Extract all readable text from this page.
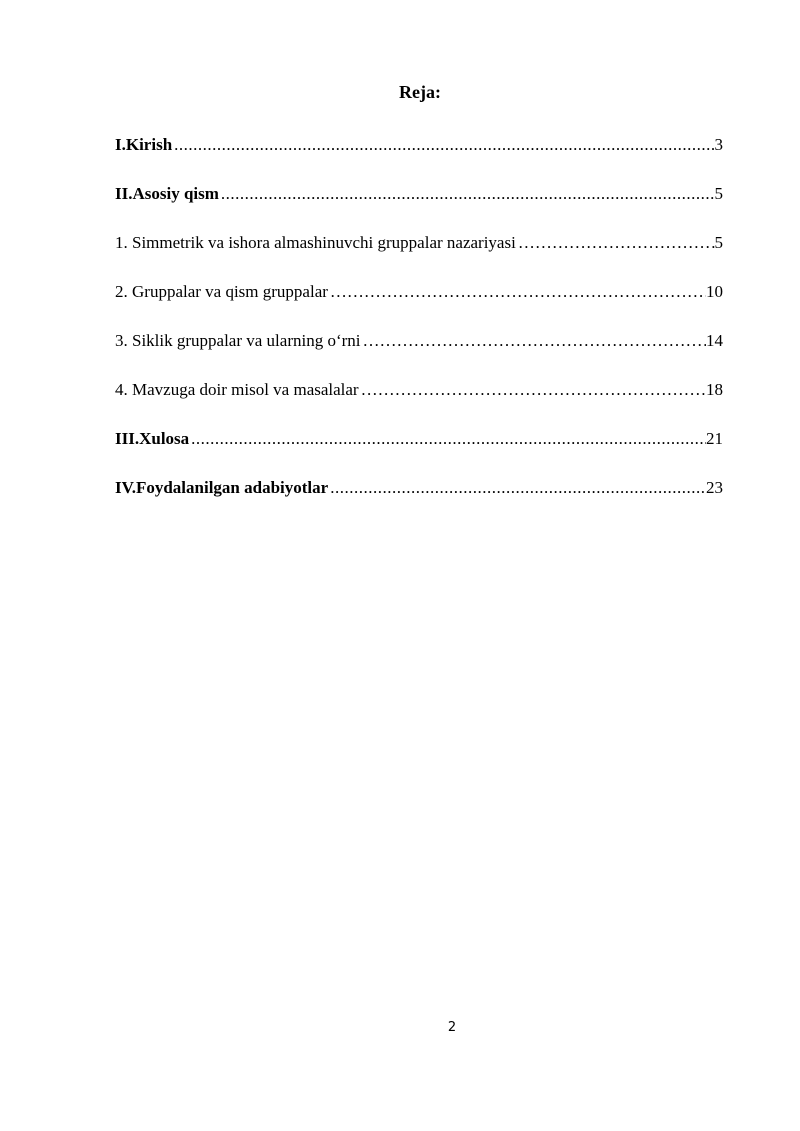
Reja:
I.Kirish .....	3
II.Asosiy qism .....	5
1. Simmetrik va ishora almashinuvchi gruppalar nazariyasi …………………………………………………………………………………………………………………	5
2. Gruppalar va qism gruppalar …………………………………………………………………………………………………………………	10
3. Siklik gruppalar va ularning o‘rni …………………………………………………………………………………………………………………	14
4. Mavzuga doir misol va masalalar …………………………………………………………………………………………………………………	18
III.Xulosa .....	21
IV.Foydalanilgan adabiyotlar .....	23
2
